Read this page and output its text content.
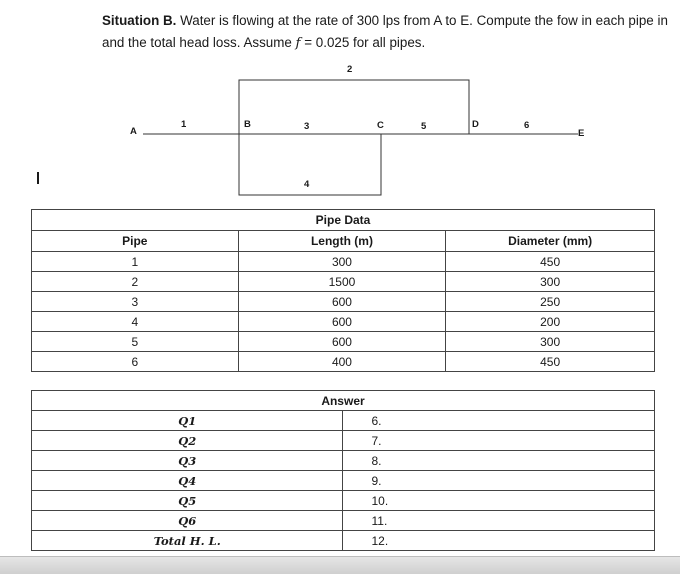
Situation B. Water is flowing at the rate of 300 lps from A to E. Compute the fow in each pipe in and the total head loss. Assume f = 0.025 for all pipes.
A
B	C	D
E
1
2
3
4
5	6
Pipe Data		
Pipe	Length (m)	Diameter (mm)
1	300	450
2	1500	300
3	600	250
4	600	200
5	600	300
6	400	450
Answer	
Q1	6.
Q2	7.
Q3	8.
Q4	9.
Q5	10.
Q6	11.
Total H. L.	12.
